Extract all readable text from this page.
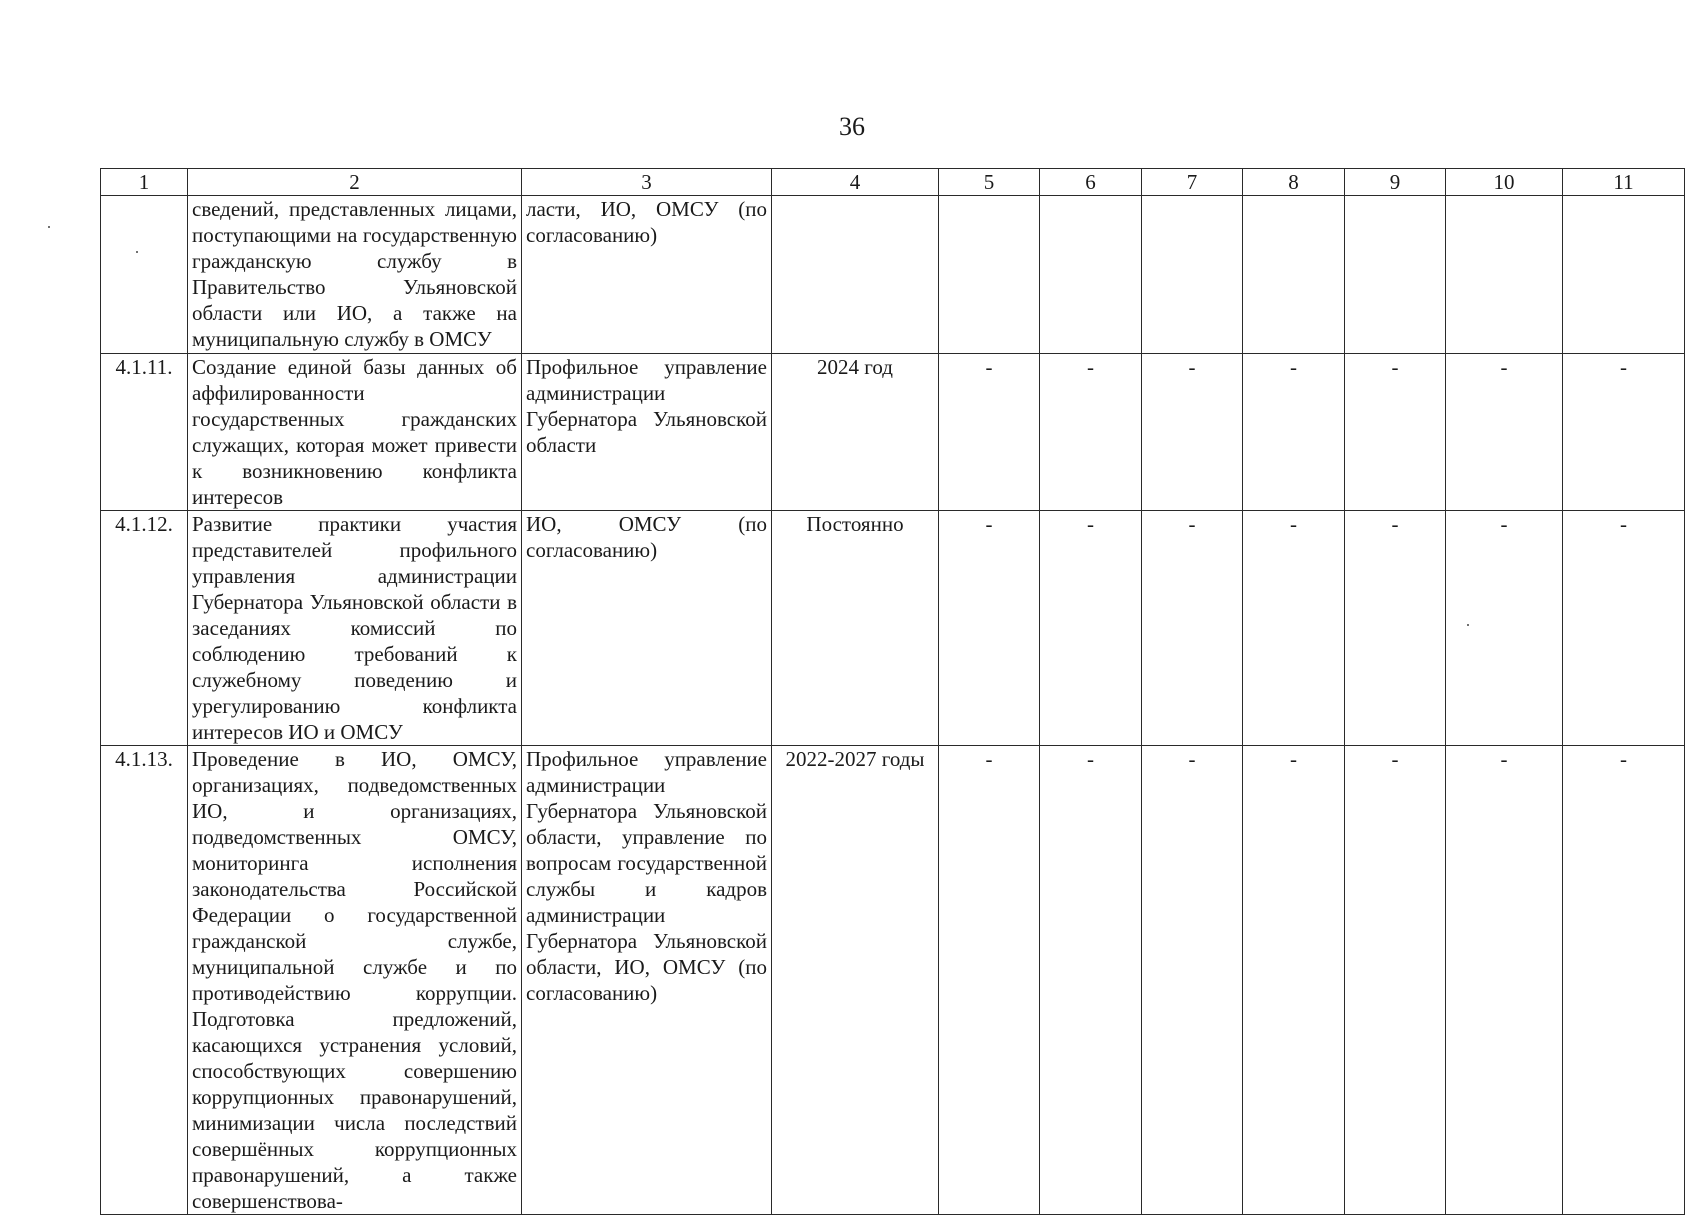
36
1	2	3	4	5	6	7	8	9	10	11
	сведений, представленных лицами, поступающими на государственную гражданскую службу в Правительство Ульяновской области или ИО, а также на муниципальную службу в ОМСУ	ласти, ИО, ОМСУ (по согласованию)								
4.1.11.	Создание единой базы данных об аффилированности государственных гражданских служащих, которая может привести к возникновению конфликта интересов	Профильное управление администрации Губернатора Ульяновской области	2024 год	-	-	-	-	-	-	-
4.1.12.	Развитие практики участия представителей профильного управления администрации Губернатора Ульяновской области в заседаниях комиссий по соблюдению требований к служебному поведению и урегулированию конфликта интересов ИО и ОМСУ	ИО, ОМСУ (по согласованию)	Постоянно	-	-	-	-	-	-	-
4.1.13.	Проведение в ИО, ОМСУ, организациях, подведомственных ИО, и организациях, подведомственных ОМСУ, мониторинга исполнения законодательства Российской Федерации о государственной гражданской службе, муниципальной службе и по противодействию коррупции. Подготовка предложений, касающихся устранения условий, способствующих совершению коррупционных правонарушений, минимизации числа последствий совершённых коррупционных правонарушений, а также совершенствова-	Профильное управление администрации Губернатора Ульяновской области, управление по вопросам государственной службы и кадров администрации Губернатора Ульяновской области, ИО, ОМСУ (по согласованию)	2022-2027 годы	-	-	-	-	-	-	-
